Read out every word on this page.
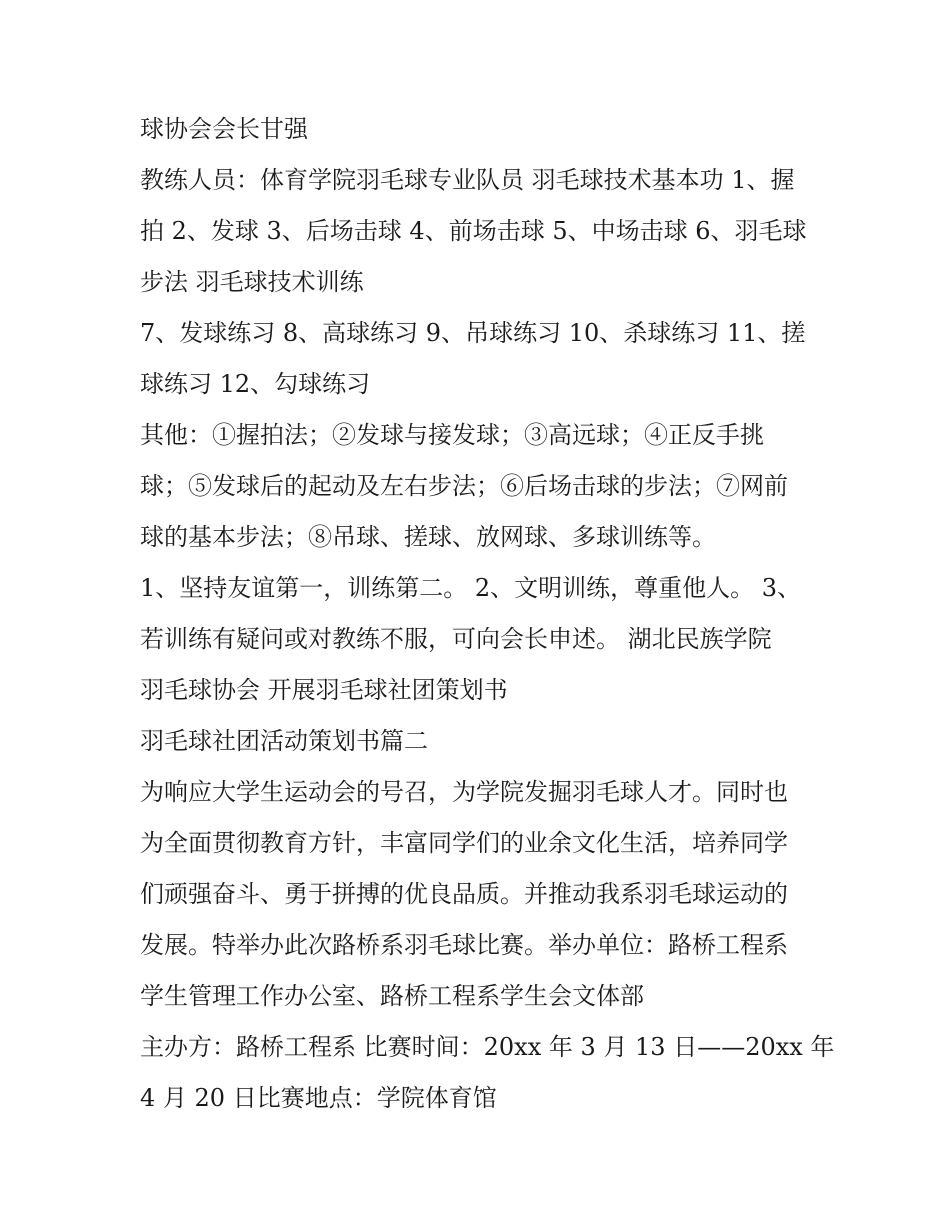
球协会会长甘强
教练人员：体育学院羽毛球专业队员 羽毛球技术基本功 1、握
拍 2、发球 3、后场击球 4、前场击球 5、中场击球 6、羽毛球
步法 羽毛球技术训练
7、发球练习 8、高球练习 9、吊球练习 10、杀球练习 11、搓
球练习 12、勾球练习
其他：①握拍法；②发球与接发球；③高远球；④正反手挑
球；⑤发球后的起动及左右步法；⑥后场击球的步法；⑦网前
球的基本步法；⑧吊球、搓球、放网球、多球训练等。
1、坚持友谊第一，训练第二。 2、文明训练，尊重他人。 3、
若训练有疑问或对教练不服，可向会长申述。 湖北民族学院
羽毛球协会 开展羽毛球社团策划书
羽毛球社团活动策划书篇二
为响应大学生运动会的号召，为学院发掘羽毛球人才。同时也
为全面贯彻教育方针，丰富同学们的业余文化生活，培养同学
们顽强奋斗、勇于拼搏的优良品质。并推动我系羽毛球运动的
发展。特举办此次路桥系羽毛球比赛。举办单位：路桥工程系
学生管理工作办公室、路桥工程系学生会文体部
主办方：路桥工程系 比赛时间：20xx 年 3 月 13 日——20xx 年
4 月 20 日比赛地点：学院体育馆
